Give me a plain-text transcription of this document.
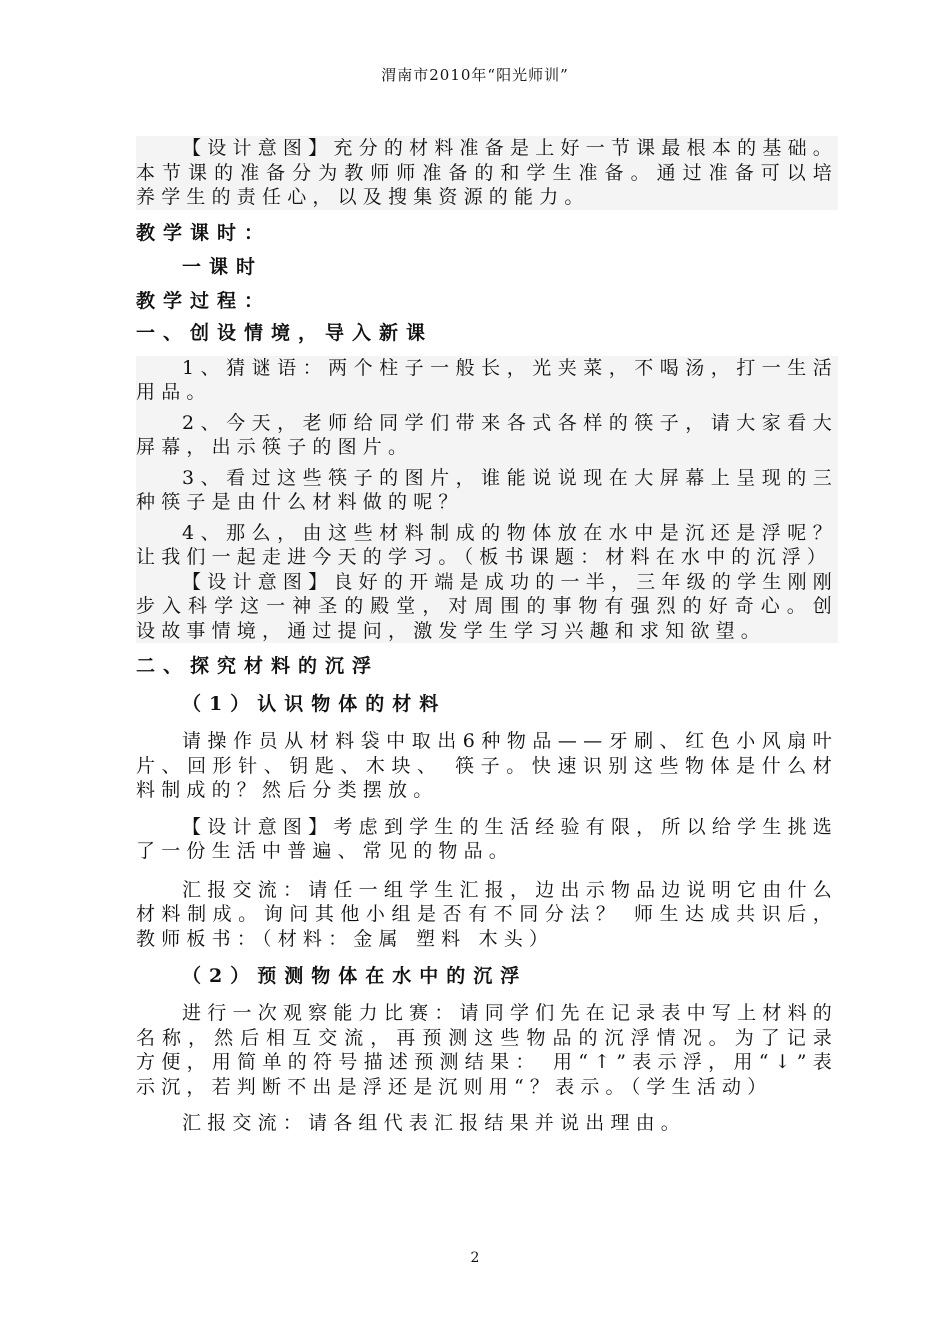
渭南市2010年“阳光师训”
【设计意图】充分的材料准备是上好一节课最根本的基础。本节课的准备分为教师师准备的和学生准备。通过准备可以培养学生的责任心，以及搜集资源的能力。
教学课时：
一课时
教学过程：
一、创设情境，导入新课
1、猜谜语：两个柱子一般长，光夹菜，不喝汤，打一生活用品。
2、今天，老师给同学们带来各式各样的筷子，请大家看大屏幕，出示筷子的图片。
3、看过这些筷子的图片，谁能说说现在大屏幕上呈现的三种筷子是由什么材料做的呢？
4、那么，由这些材料制成的物体放在水中是沉还是浮呢？让我们一起走进今天的学习。（板书课题：材料在水中的沉浮）
【设计意图】良好的开端是成功的一半，三年级的学生刚刚步入科学这一神圣的殿堂，对周围的事物有强烈的好奇心。创设故事情境，通过提问，激发学生学习兴趣和求知欲望。
二、探究材料的沉浮
（1）认识物体的材料
请操作员从材料袋中取出6种物品——牙刷、红色小风扇叶片、回形针、钥匙、木块、 筷子。快速识别这些物体是什么材料制成的？然后分类摆放。
【设计意图】考虑到学生的生活经验有限，所以给学生挑选了一份生活中普遍、常见的物品。
汇报交流：请任一组学生汇报，边出示物品边说明它由什么材料制成。询问其他小组是否有不同分法？ 师生达成共识后，教师板书：（材料：金属 塑料 木头）
（2）预测物体在水中的沉浮
进行一次观察能力比赛：请同学们先在记录表中写上材料的名称，然后相互交流，再预测这些物品的沉浮情况。为了记录方便，用简单的符号描述预测结果： 用“↑”表示浮，用“↓”表示沉，若判断不出是浮还是沉则用“？表示。（学生活动）
汇报交流：请各组代表汇报结果并说出理由。
2
